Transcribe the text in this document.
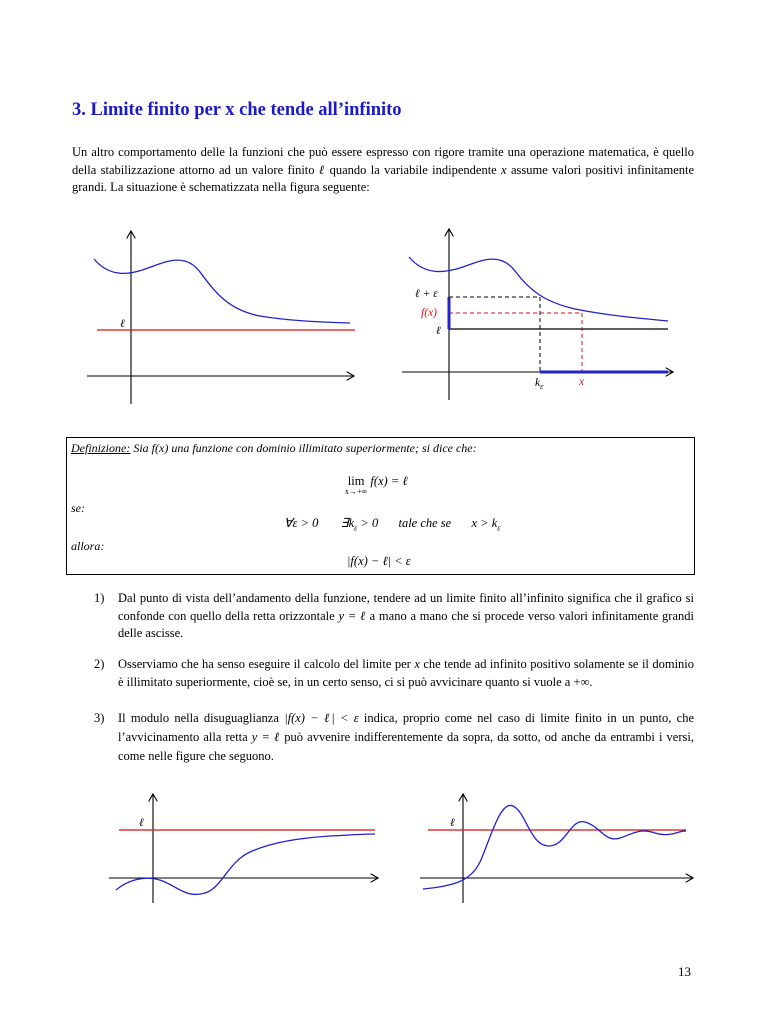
3. Limite finito per x che tende all’infinito
Un altro comportamento delle la funzioni che può essere espresso con rigore tramite una operazione matematica, è quello della stabilizzazione attorno ad un valore finito ℓ quando la variabile indipendente x assume valori positivi infinitamente grandi. La situazione è schematizzata nella figura seguente:
ℓ
ℓ + ε
f(x)
ℓ
$k_\varepsilon$	x
ℓ	ℓ
Definizione: Sia f(x) una funzione con dominio illimitato superiormente; si dice che:
lim
x→+∞
f(x) = ℓ
se:
∀ε > 0 $\exists k_\varepsilon > 0$ tale che se $x > k_\varepsilon$
allora:
|f(x) − ℓ| < ε
1)	Dal punto di vista dell’andamento della funzione, tendere ad un limite finito all’infinito significa che il grafico si confonde con quello della retta orizzontale y = ℓ a mano a mano che si procede verso valori infinitamente grandi delle ascisse.
2)	Osserviamo che ha senso eseguire il calcolo del limite per x che tende ad infinito positivo solamente se il dominio è illimitato superiormente, cioè se, in un certo senso, ci si può avvicinare quanto si vuole a +∞.
3)	Il modulo nella disuguaglianza |f(x) − ℓ| < ε indica, proprio come nel caso di limite finito in un punto, che l’avvicinamento alla retta y = ℓ può avvenire indifferentemente da sopra, da sotto, od anche da entrambi i versi, come nelle figure che seguono.
13
